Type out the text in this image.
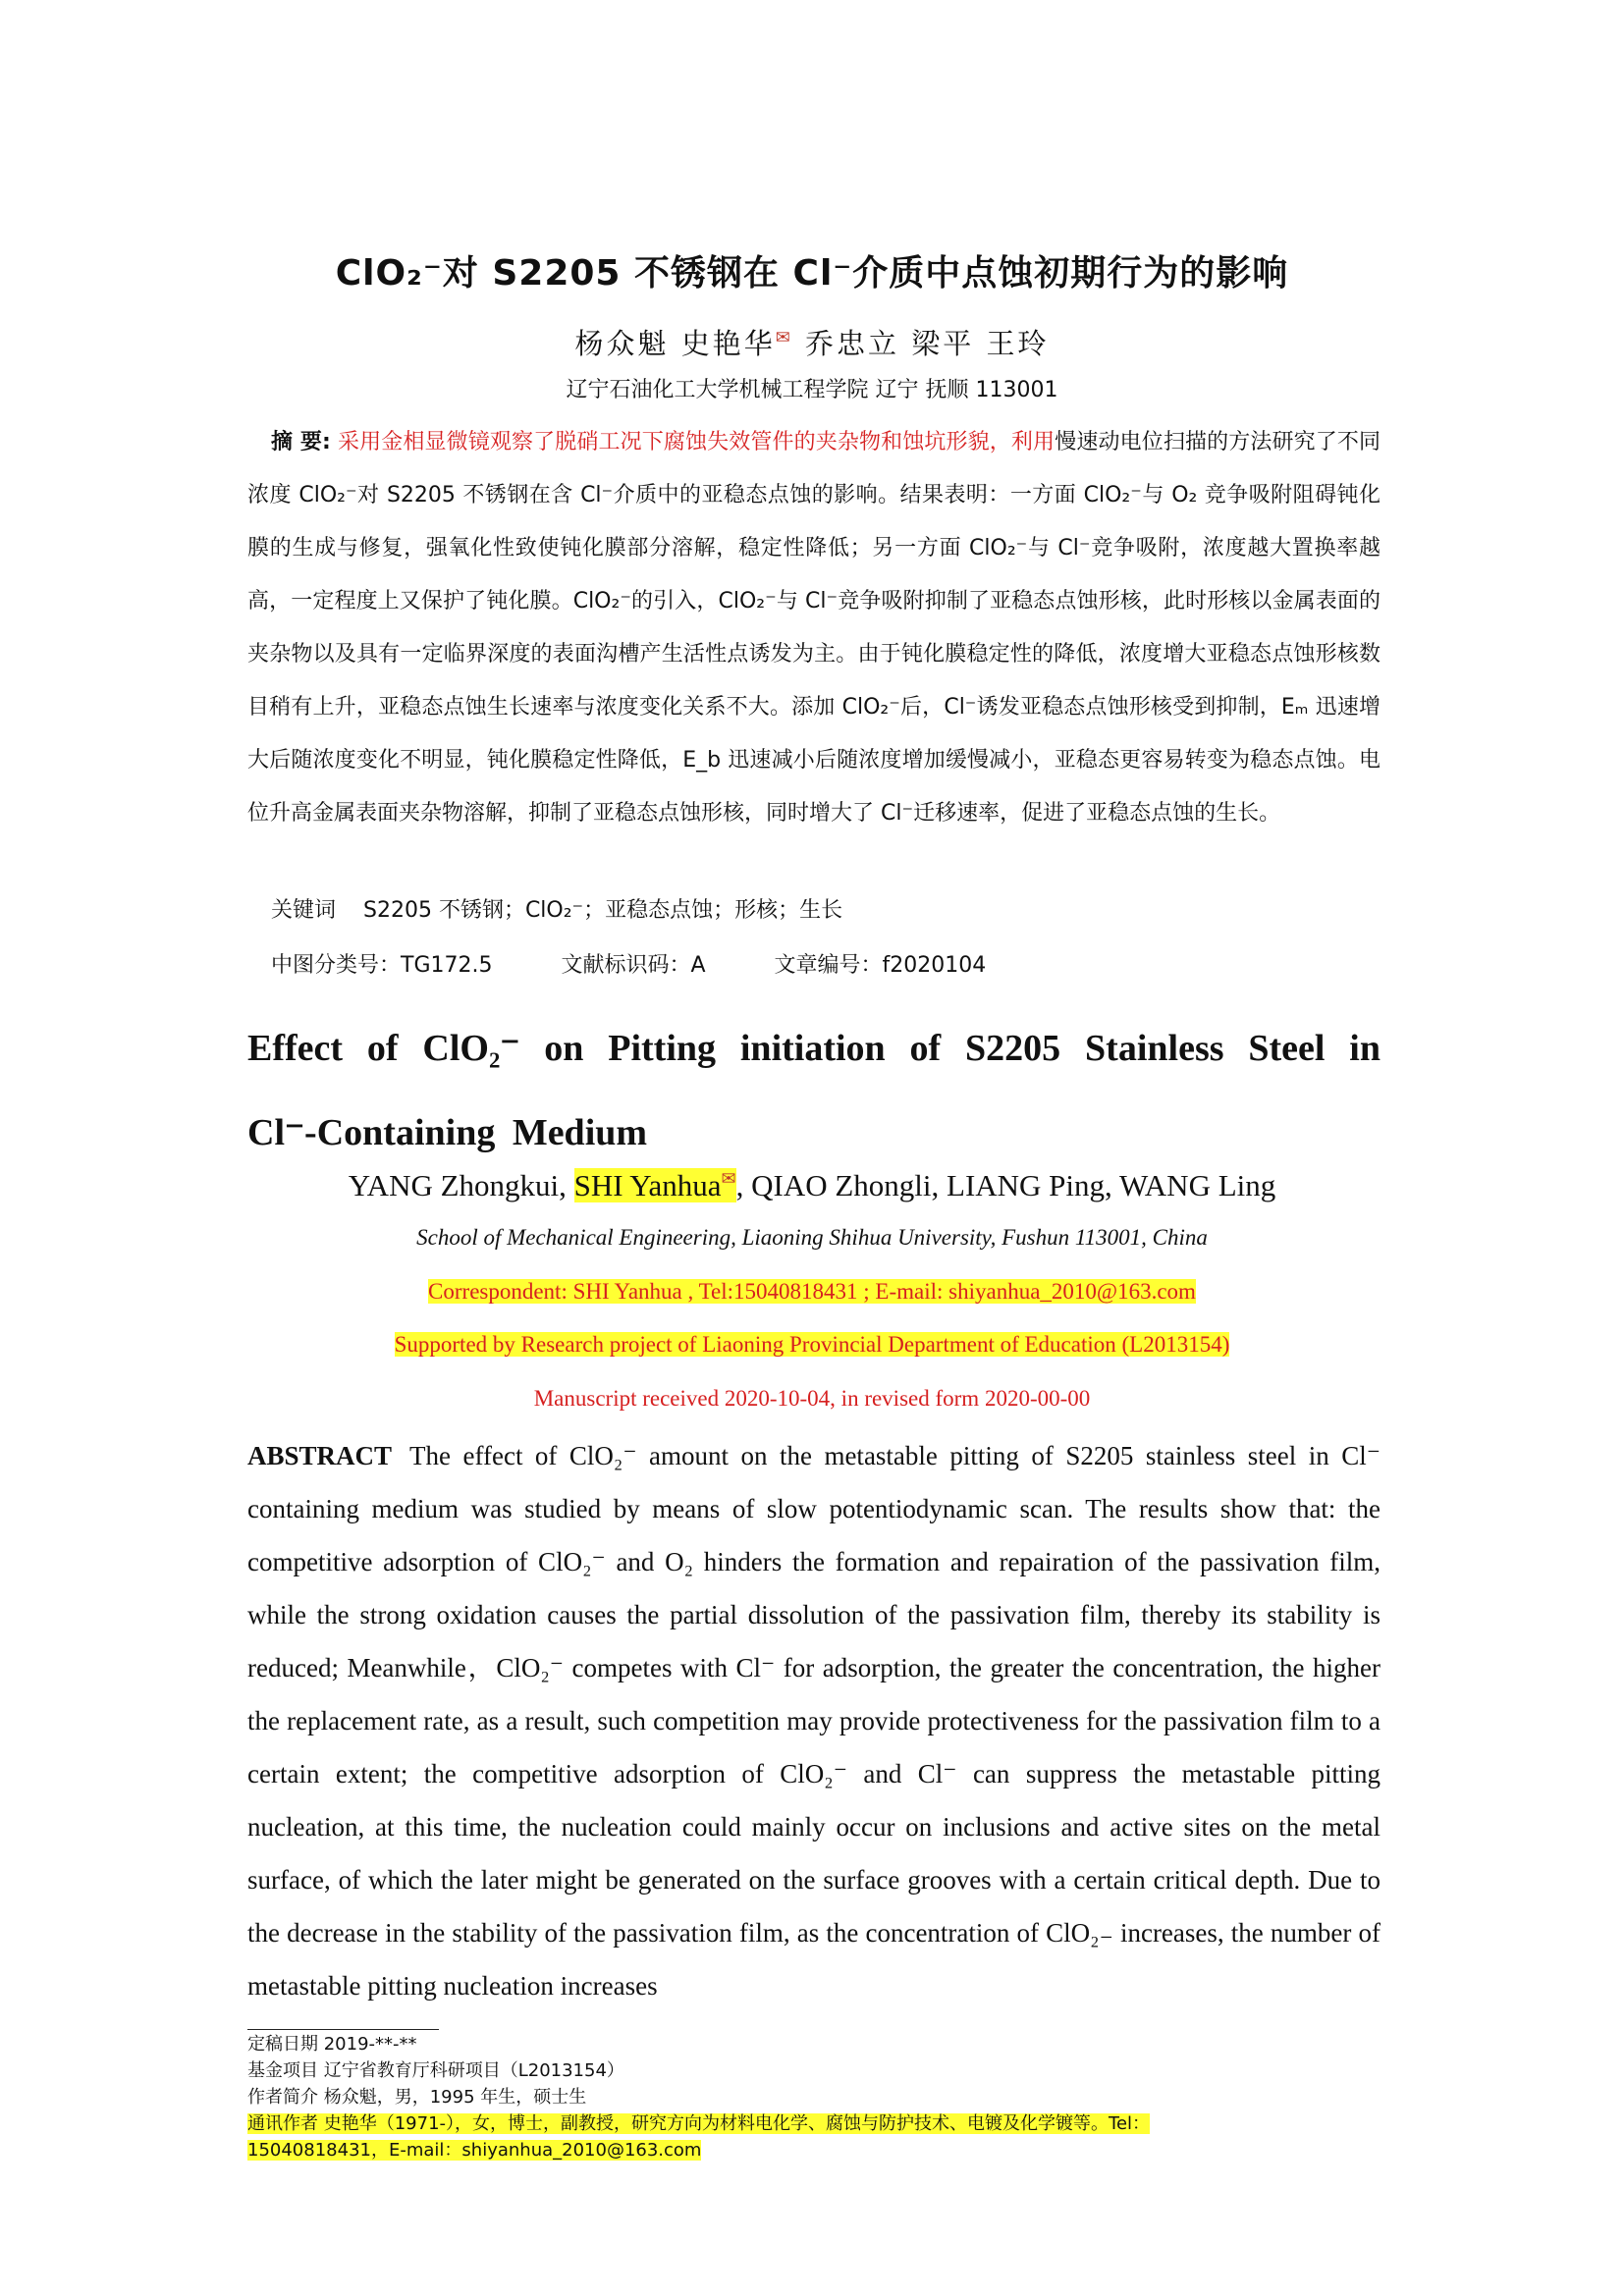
ClO₂⁻对 S2205 不锈钢在 Cl⁻介质中点蚀初期行为的影响
杨众魁 史艳华✉ 乔忠立 梁平 王玲
辽宁石油化工大学机械工程学院 辽宁 抚顺 113001
摘 要: 采用金相显微镜观察了脱硝工况下腐蚀失效管件的夹杂物和蚀坑形貌，利用慢速动电位扫描的方法研究了不同浓度 ClO₂⁻对 S2205 不锈钢在含 Cl⁻介质中的亚稳态点蚀的影响。结果表明：一方面 ClO₂⁻与 O₂ 竞争吸附阻碍钝化膜的生成与修复，强氧化性致使钝化膜部分溶解，稳定性降低；另一方面 ClO₂⁻与 Cl⁻竞争吸附，浓度越大置换率越高，一定程度上又保护了钝化膜。ClO₂⁻的引入，ClO₂⁻与 Cl⁻竞争吸附抑制了亚稳态点蚀形核，此时形核以金属表面的夹杂物以及具有一定临界深度的表面沟槽产生活性点诱发为主。由于钝化膜稳定性的降低，浓度增大亚稳态点蚀形核数目稍有上升，亚稳态点蚀生长速率与浓度变化关系不大。添加 ClO₂⁻后，Cl⁻诱发亚稳态点蚀形核受到抑制，Eₘ 迅速增大后随浓度变化不明显，钝化膜稳定性降低，E_b 迅速减小后随浓度增加缓慢减小，亚稳态更容易转变为稳态点蚀。电位升高金属表面夹杂物溶解，抑制了亚稳态点蚀形核，同时增大了 Cl⁻迁移速率，促进了亚稳态点蚀的生长。
关键词 S2205 不锈钢；ClO₂⁻；亚稳态点蚀；形核；生长
中图分类号：TG172.5	文献标识码：A	文章编号：f2020104
Effect of ClO₂⁻ on Pitting initiation of S2205 Stainless Steel in Cl⁻-Containing Medium
YANG Zhongkui, SHI Yanhua✉, QIAO Zhongli, LIANG Ping, WANG Ling
School of Mechanical Engineering, Liaoning Shihua University, Fushun 113001, China
Correspondent: SHI Yanhua , Tel:15040818431 ; E-mail: shiyanhua_2010@163.com
Supported by Research project of Liaoning Provincial Department of Education (L2013154)
Manuscript received 2020-10-04, in revised form 2020-00-00
ABSTRACT The effect of ClO₂⁻ amount on the metastable pitting of S2205 stainless steel in Cl⁻ containing medium was studied by means of slow potentiodynamic scan. The results show that: the competitive adsorption of ClO₂⁻ and O₂ hinders the formation and repairation of the passivation film, while the strong oxidation causes the partial dissolution of the passivation film, thereby its stability is reduced; Meanwhile，ClO₂⁻ competes with Cl⁻ for adsorption, the greater the concentration, the higher the replacement rate, as a result, such competition may provide protectiveness for the passivation film to a certain extent; the competitive adsorption of ClO₂⁻ and Cl⁻ can suppress the metastable pitting nucleation, at this time, the nucleation could mainly occur on inclusions and active sites on the metal surface, of which the later might be generated on the surface grooves with a certain critical depth. Due to the decrease in the stability of the passivation film, as the concentration of ClO₂₋ increases, the number of metastable pitting nucleation increases
定稿日期 2019-**-**
基金项目 辽宁省教育厅科研项目（L2013154）
作者简介 杨众魁，男，1995 年生，硕士生
通讯作者 史艳华（1971-），女，博士，副教授，研究方向为材料电化学、腐蚀与防护技术、电镀及化学镀等。Tel：
15040818431，E-mail：shiyanhua_2010@163.com
